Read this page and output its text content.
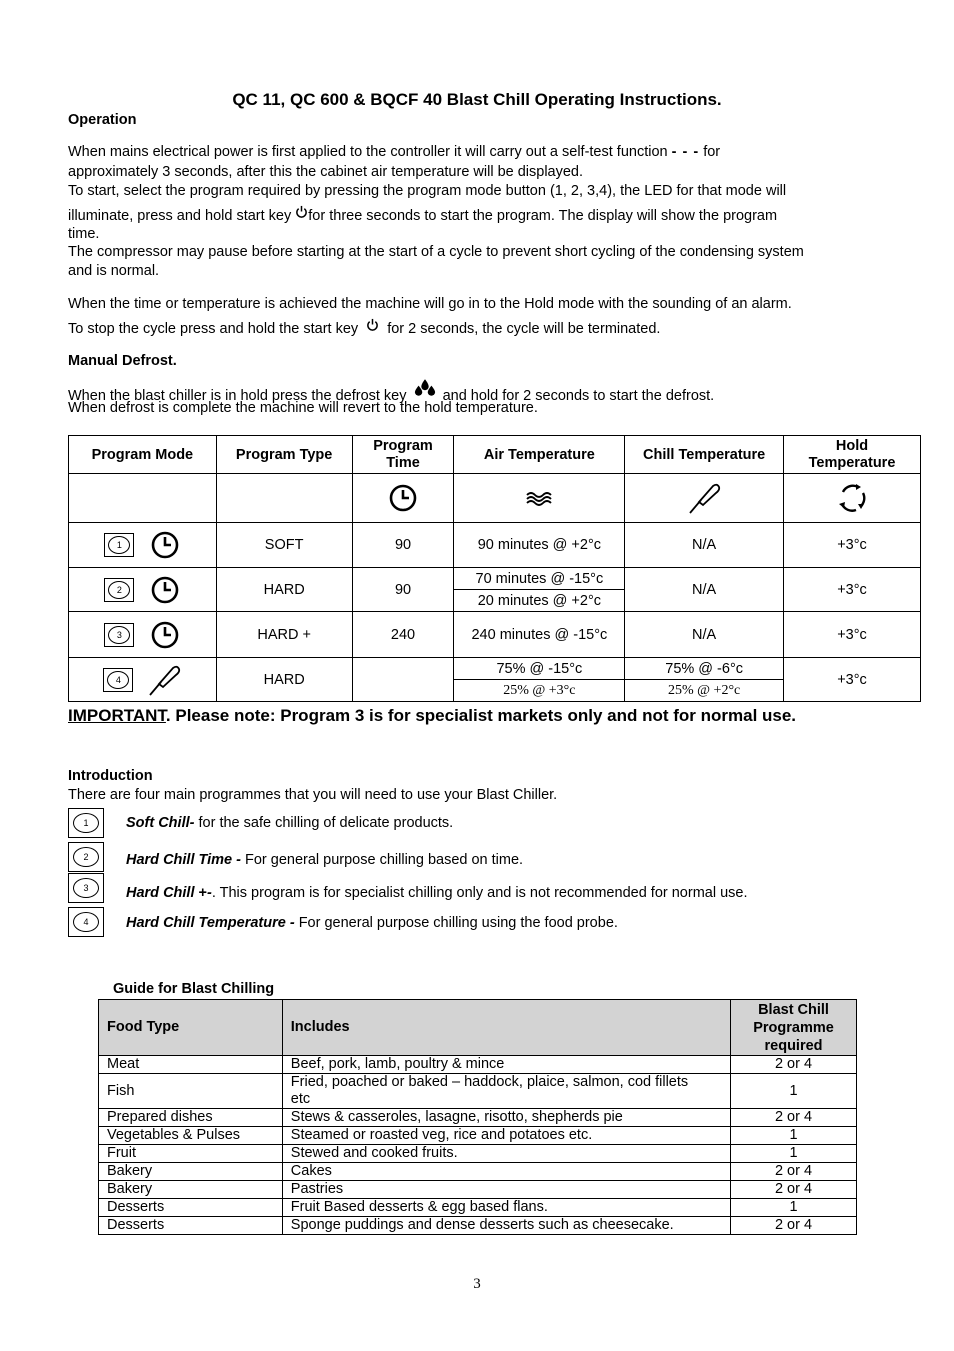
QC 11, QC 600 & BQCF 40 Blast Chill Operating Instructions.
Operation
When mains electrical power is first applied to the controller it will carry out a self-test function - - - for
approximately 3 seconds, after this the cabinet air temperature will be displayed.
To start, select the program required by pressing the program mode button (1, 2, 3,4), the LED for that mode will
illuminate, press and hold start key for three seconds to start the program. The display will show the program
time.
The compressor may pause before starting at the start of a cycle to prevent short cycling of the condensing system
and is normal.
When the time or temperature is achieved the machine will go in to the Hold mode with the sounding of an alarm.
To stop the cycle press and hold the start key for 2 seconds, the cycle will be terminated.
Manual Defrost.
When the blast chiller is in hold press the defrost key and hold for 2 seconds to start the defrost.
When defrost is complete the machine will revert to the hold temperature.
Program Mode	Program Type	Program Time	Air Temperature	Chill Temperature	Hold Temperature

1	SOFT	90	90 minutes @ +2°c	N/A	+3°c

2	HARD	90	70 minutes @ -15°c	N/A	+3°c
			20 minutes @ +2°c		

3	HARD +	240	240 minutes @ -15°c	N/A	+3°c

4	HARD		75% @ -15°c	75% @ -6°c	+3°c
			25% @ +3°c	25% @ +2°c	
IMPORTANT. Please note: Program 3 is for specialist markets only and not for normal use.
Introduction
There are four main programmes that you will need to use your Blast Chiller.
1	Soft Chill- for the safe chilling of delicate products.
2	Hard Chill Time - For general purpose chilling based on time.
3	Hard Chill +-. This program is for specialist chilling only and is not recommended for normal use.
4	Hard Chill Temperature - For general purpose chilling using the food probe.
Guide for Blast Chilling
Food Type	Includes	Blast Chill Programme required
Meat	Beef, pork, lamb, poultry & mince	2 or 4
Fish	Fried, poached or baked – haddock, plaice, salmon, cod fillets etc	1
Prepared dishes	Stews & casseroles, lasagne, risotto, shepherds pie	2 or 4
Vegetables & Pulses	Steamed or roasted veg, rice and potatoes etc.	1
Fruit	Stewed and cooked fruits.	1
Bakery	Cakes	2 or 4
Bakery	Pastries	2 or 4
Desserts	Fruit Based desserts & egg based flans.	1
Desserts	Sponge puddings and dense desserts such as cheesecake.	2 or 4
3
